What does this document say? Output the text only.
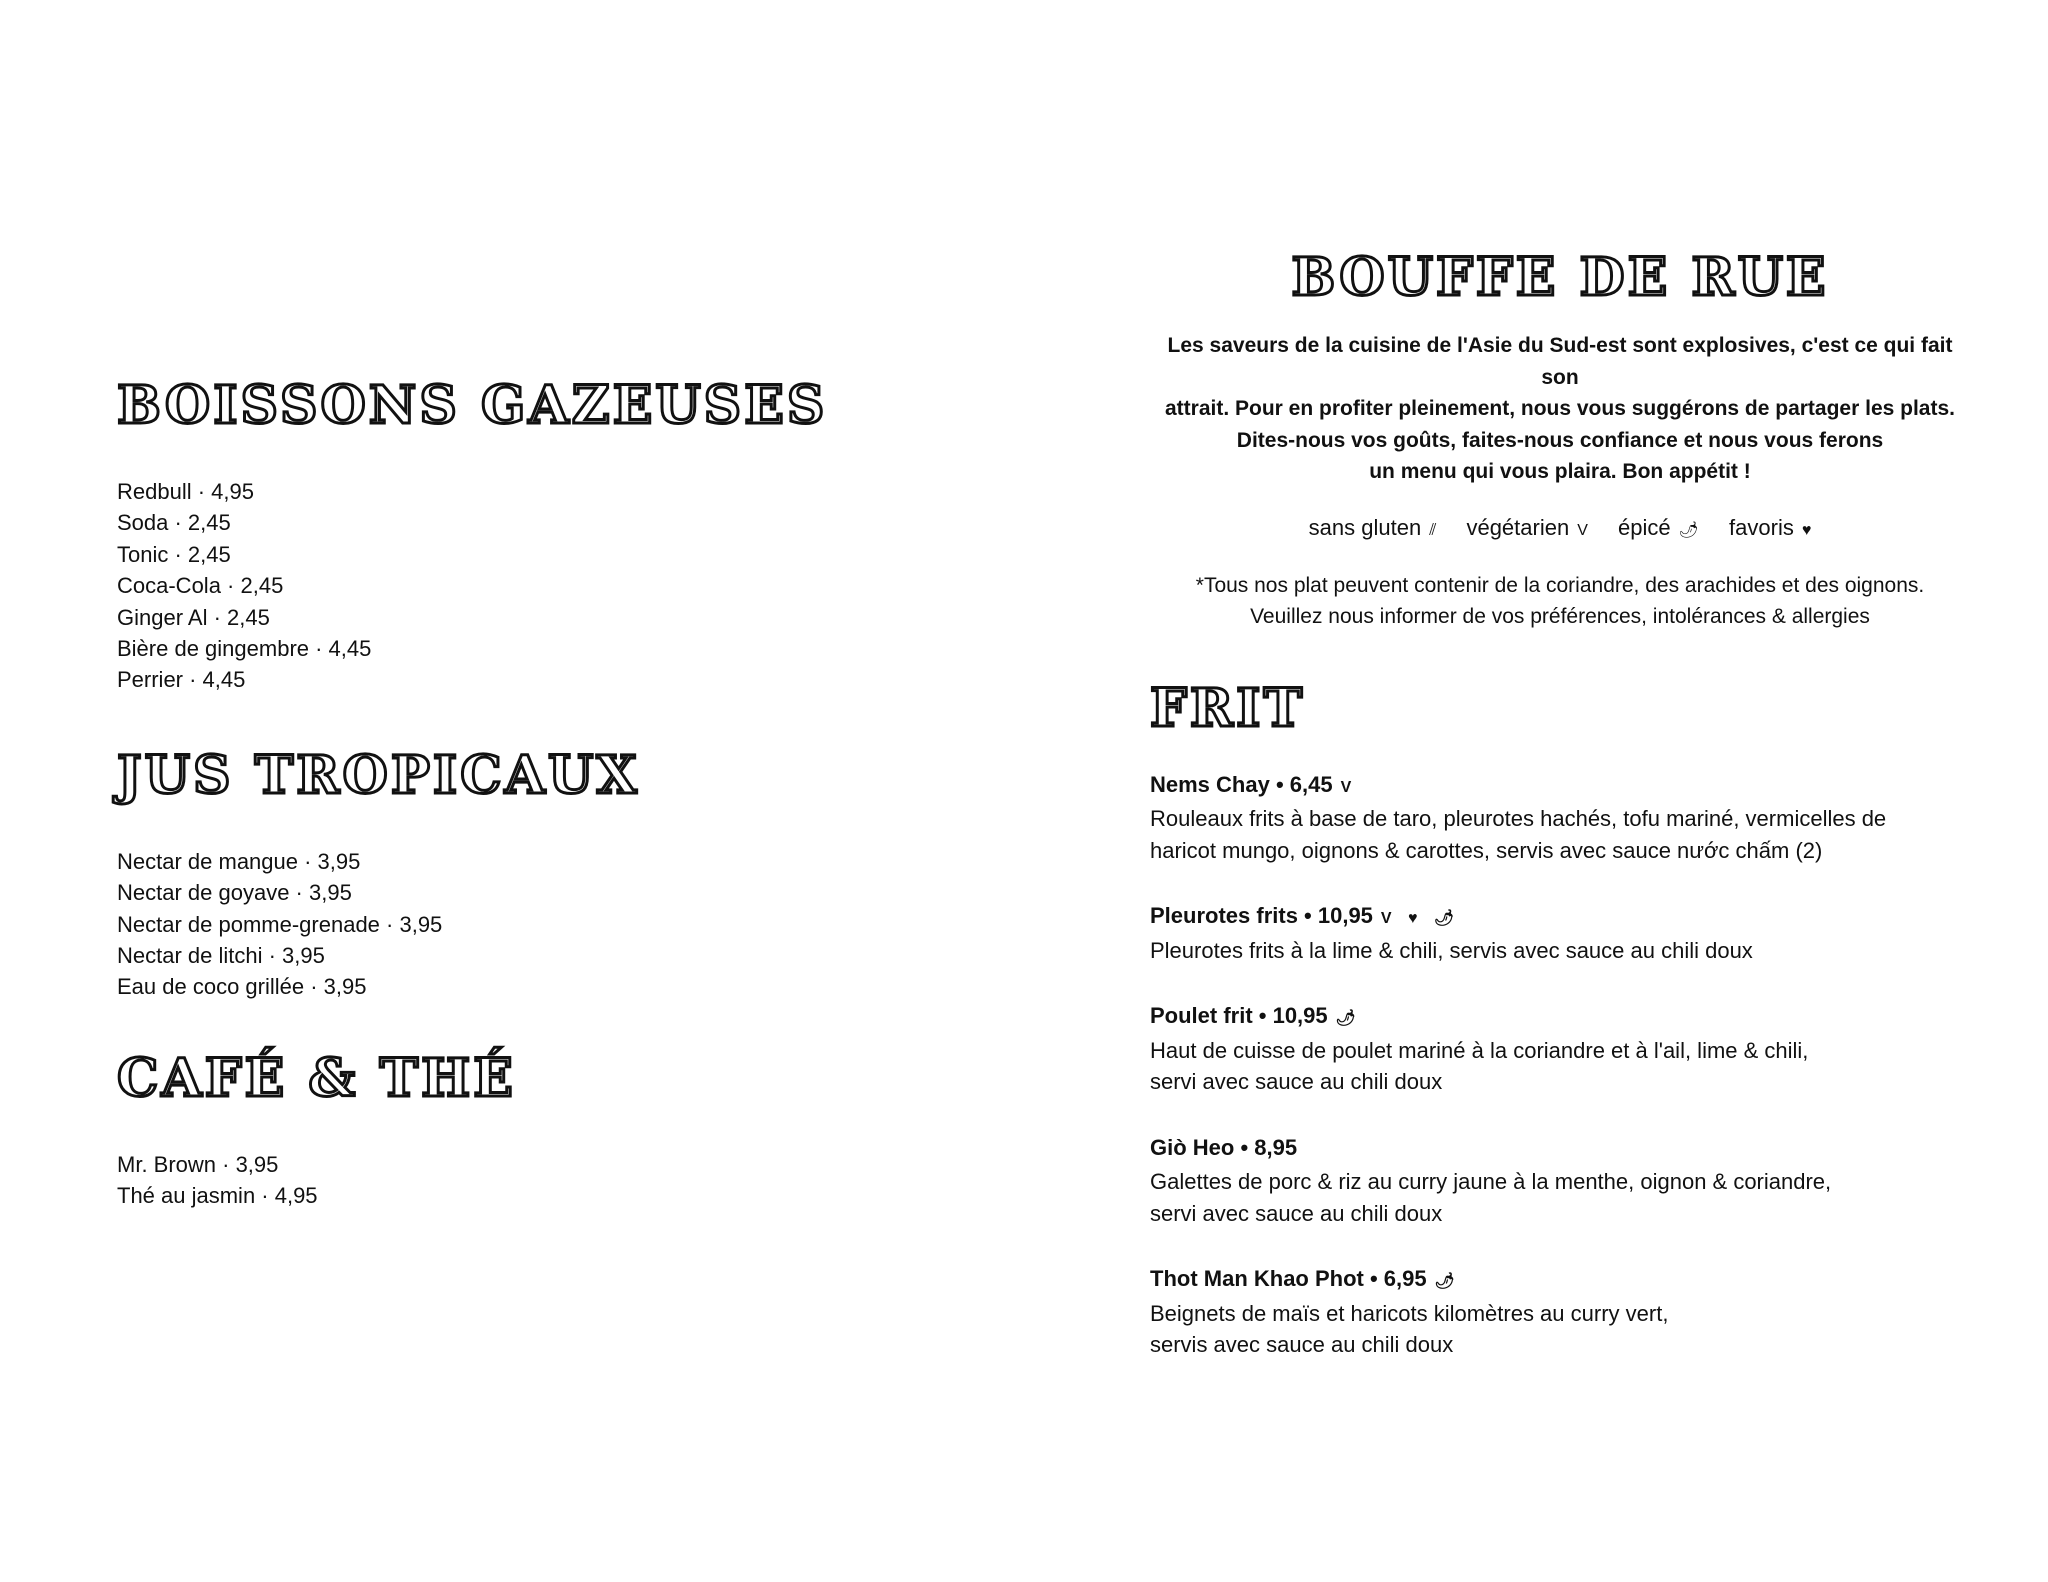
BOISSONS GAZEUSES
Redbull · 4,95
Soda · 2,45
Tonic · 2,45
Coca-Cola · 2,45
Ginger Al · 2,45
Bière de gingembre · 4,45
Perrier · 4,45
JUS TROPICAUX
Nectar de mangue · 3,95
Nectar de goyave · 3,95
Nectar de pomme-grenade · 3,95
Nectar de litchi · 3,95
Eau de coco grillée · 3,95
CAFÉ & THÉ
Mr. Brown · 3,95
Thé au jasmin · 4,95
BOUFFE DE RUE

Les saveurs de la cuisine de l'Asie du Sud-est sont explosives, c'est ce qui fait son
attrait. Pour en profiter pleinement, nous vous suggérons de partager les plats.
Dites-nous vos goûts, faites-nous confiance et nous vous ferons
un menu qui vous plaira. Bon appétit !

sans gluten ⫽ végétarien V épicé 🌶 favoris ♥

*Tous nos plat peuvent contenir de la coriandre, des arachides et des oignons.
Veuillez nous informer de vos préférences, intolérances & allergies

FRIT
Nems Chay • 6,45 V
Rouleaux frits à base de taro, pleurotes hachés, tofu mariné, vermicelles de
haricot mungo, oignons & carottes, servis avec sauce nước chấm (2)
Pleurotes frits • 10,95 V ♥ 🌶
Pleurotes frits à la lime & chili, servis avec sauce au chili doux
Poulet frit • 10,95 🌶
Haut de cuisse de poulet mariné à la coriandre et à l'ail, lime & chili,
servi avec sauce au chili doux
Giò Heo • 8,95
Galettes de porc & riz au curry jaune à la menthe, oignon & coriandre,
servi avec sauce au chili doux
Thot Man Khao Phot • 6,95 🌶
Beignets de maïs et haricots kilomètres au curry vert,
servis avec sauce au chili doux
